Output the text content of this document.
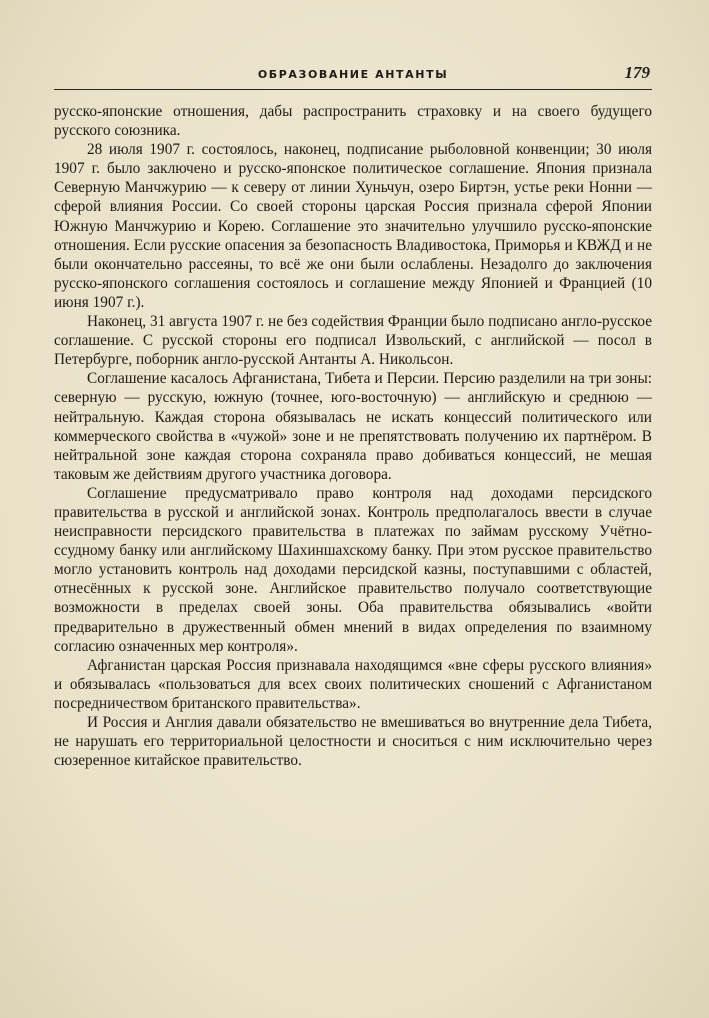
ОБРАЗОВАНИЕ АНТАНТЫ	179

русско-японские отношения, дабы распространить страховку и на своего будущего русского союзника.

28 июля 1907 г. состоялось, наконец, подписание рыболовной конвенции; 30 июля 1907 г. было заключено и русско-японское политическое соглашение. Япония признала Северную Манчжурию — к северу от линии Хуньчун, озеро Биртэн, устье реки Нонни — сферой влияния России. Со своей стороны царская Россия признала сферой Японии Южную Манчжурию и Корею. Соглашение это значительно улучшило русско-японские отношения. Если русские опасения за безопасность Владивостока, Приморья и КВЖД и не были окончательно рассеяны, то всё же они были ослаблены. Незадолго до заключения русско-японского соглашения состоялось и соглашение между Японией и Францией (10 июня 1907 г.).

Наконец, 31 августа 1907 г. не без содействия Франции было подписано англо-русское соглашение. С русской стороны его подписал Извольский, с английской — посол в Петербурге, поборник англо-русской Антанты А. Никольсон.

Соглашение касалось Афганистана, Тибета и Персии. Персию разделили на три зоны: северную — русскую, южную (точнее, юго-восточную) — английскую и среднюю — нейтральную. Каждая сторона обязывалась не искать концессий политического или коммерческого свойства в «чужой» зоне и не препятствовать получению их партнёром. В нейтральной зоне каждая сторона сохраняла право добиваться концессий, не мешая таковым же действиям другого участника договора.

Соглашение предусматривало право контроля над доходами персидского правительства в русской и английской зонах. Контроль предполагалось ввести в случае неисправности персидского правительства в платежах по займам русскому Учётно-ссудному банку или английскому Шахиншахскому банку. При этом русское правительство могло установить контроль над доходами персидской казны, поступавшими с областей, отнесённых к русской зоне. Английское правительство получало соответствующие возможности в пределах своей зоны. Оба правительства обязывались «войти предварительно в дружественный обмен мнений в видах определения по взаимному согласию означенных мер контроля».

Афганистан царская Россия признавала находящимся «вне сферы русского влияния» и обязывалась «пользоваться для всех своих политических сношений с Афганистаном посредничеством британского правительства».

И Россия и Англия давали обязательство не вмешиваться во внутренние дела Тибета, не нарушать его территориальной целостности и сноситься с ним исключительно через сюзеренное китайское правительство.
